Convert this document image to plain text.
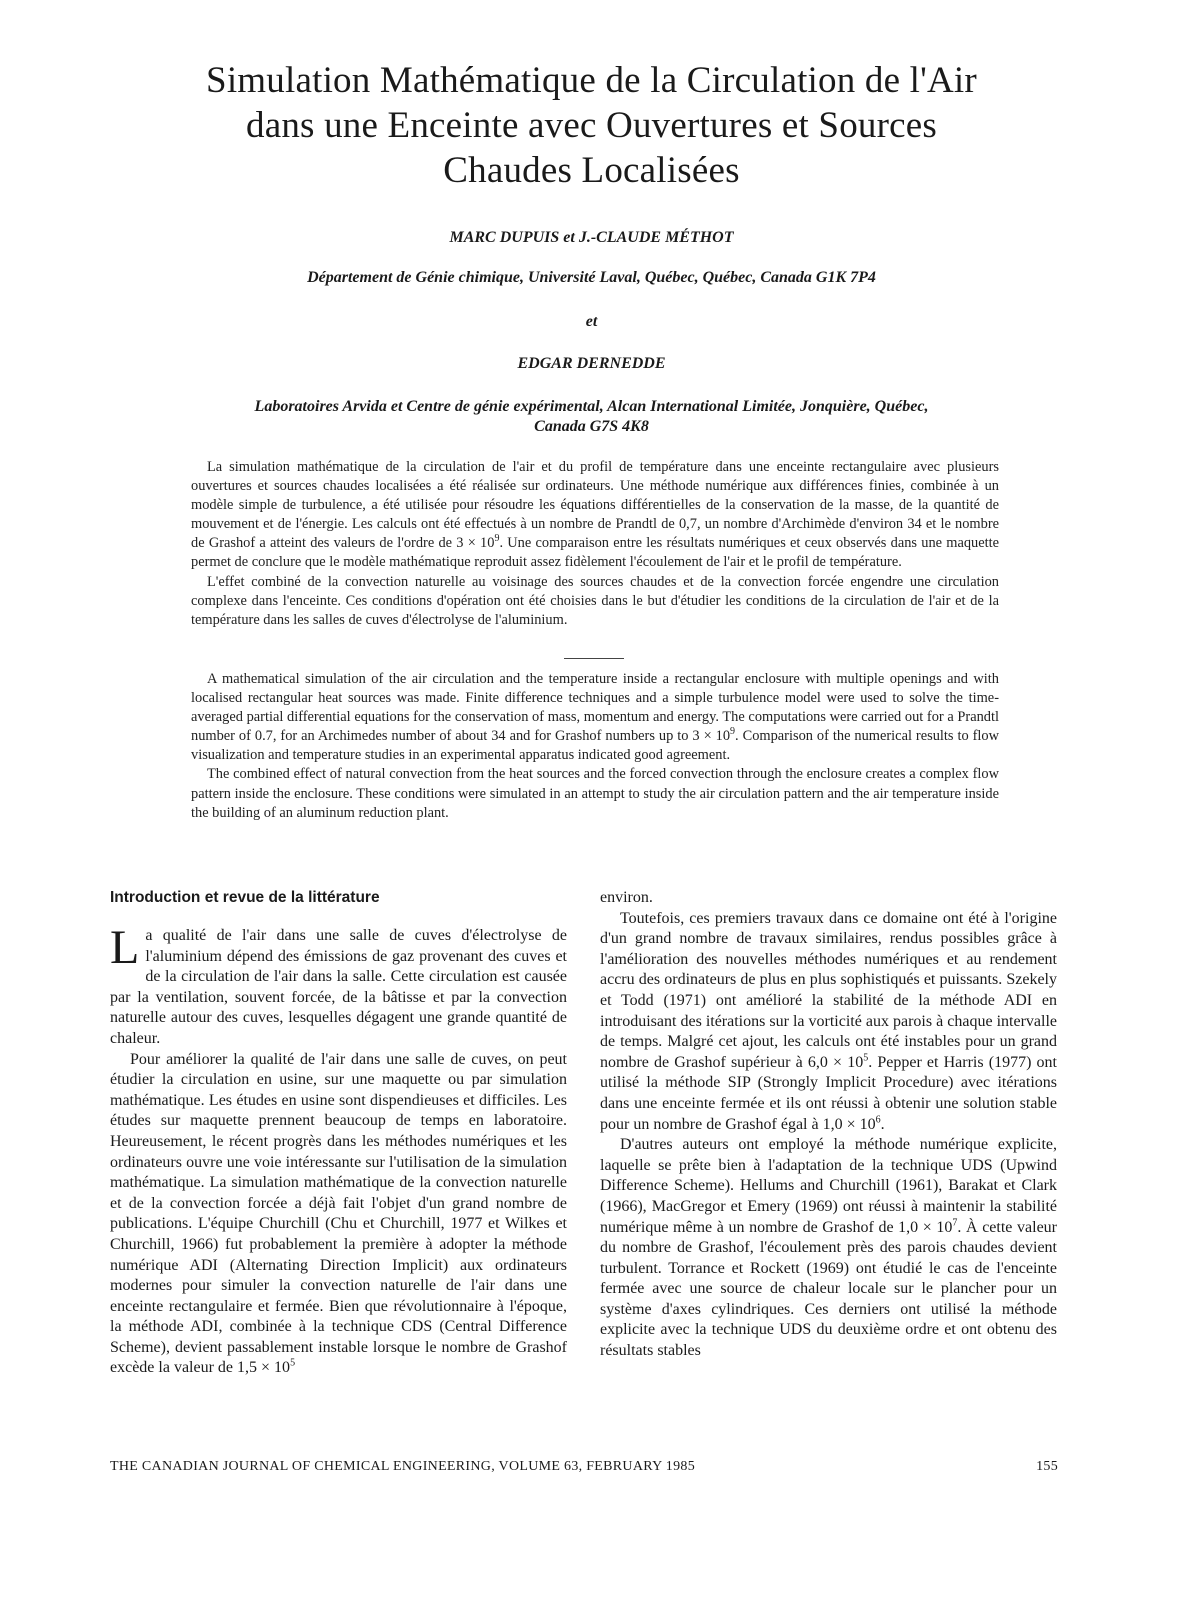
Simulation Mathématique de la Circulation de l'Air
dans une Enceinte avec Ouvertures et Sources
Chaudes Localisées
MARC DUPUIS et J.-CLAUDE MÉTHOT
Département de Génie chimique, Université Laval, Québec, Québec, Canada G1K 7P4
et
EDGAR DERNEDDE
Laboratoires Arvida et Centre de génie expérimental, Alcan International Limitée, Jonquière, Québec,
Canada G7S 4K8

La simulation mathématique de la circulation de l'air et du profil de température dans une enceinte rectangulaire avec plusieurs ouvertures et sources chaudes localisées a été réalisée sur ordinateurs. Une méthode numérique aux différences finies, combinée à un modèle simple de turbulence, a été utilisée pour résoudre les équations différentielles de la conservation de la masse, de la quantité de mouvement et de l'énergie. Les calculs ont été effectués à un nombre de Prandtl de 0,7, un nombre d'Archimède d'environ 34 et le nombre de Grashof a atteint des valeurs de l'ordre de $3 \times 10^9$. Une comparaison entre les résultats numériques et ceux observés dans une maquette permet de conclure que le modèle mathématique reproduit assez fidèlement l'écoulement de l'air et le profil de température.

L'effet combiné de la convection naturelle au voisinage des sources chaudes et de la convection forcée engendre une circulation complexe dans l'enceinte. Ces conditions d'opération ont été choisies dans le but d'étudier les conditions de la circulation de l'air et de la température dans les salles de cuves d'électrolyse de l'aluminium.

A mathematical simulation of the air circulation and the temperature inside a rectangular enclosure with multiple openings and with localised rectangular heat sources was made. Finite difference techniques and a simple turbulence model were used to solve the time-averaged partial differential equations for the conservation of mass, momentum and energy. The computations were carried out for a Prandtl number of 0.7, for an Archimedes number of about 34 and for Grashof numbers up to $3 \times 10^9$. Comparison of the numerical results to flow visualization and temperature studies in an experimental apparatus indicated good agreement.

The combined effect of natural convection from the heat sources and the forced convection through the enclosure creates a complex flow pattern inside the enclosure. These conditions were simulated in an attempt to study the air circulation pattern and the air temperature inside the building of an aluminum reduction plant.

Introduction et revue de la littérature

La qualité de l'air dans une salle de cuves d'électrolyse de l'aluminium dépend des émissions de gaz provenant des cuves et de la circulation de l'air dans la salle. Cette circulation est causée par la ventilation, souvent forcée, de la bâtisse et par la convection naturelle autour des cuves, lesquelles dégagent une grande quantité de chaleur.

Pour améliorer la qualité de l'air dans une salle de cuves, on peut étudier la circulation en usine, sur une maquette ou par simulation mathématique. Les études en usine sont dispendieuses et difficiles. Les études sur maquette prennent beaucoup de temps en laboratoire. Heureusement, le récent progrès dans les méthodes numériques et les ordinateurs ouvre une voie intéressante sur l'utilisation de la simulation mathématique. La simulation mathématique de la convection naturelle et de la convection forcée a déjà fait l'objet d'un grand nombre de publications. L'équipe Churchill (Chu et Churchill, 1977 et Wilkes et Churchill, 1966) fut probablement la première à adopter la méthode numérique ADI (Alternating Direction Implicit) aux ordinateurs modernes pour simuler la convection naturelle de l'air dans une enceinte rectangulaire et fermée. Bien que révolutionnaire à l'époque, la méthode ADI, combinée à la technique CDS (Central Difference Scheme), devient passablement instable lorsque le nombre de Grashof excède la valeur de $1,5 \times 10^5$

environ.

Toutefois, ces premiers travaux dans ce domaine ont été à l'origine d'un grand nombre de travaux similaires, rendus possibles grâce à l'amélioration des nouvelles méthodes numériques et au rendement accru des ordinateurs de plus en plus sophistiqués et puissants. Szekely et Todd (1971) ont amélioré la stabilité de la méthode ADI en introduisant des itérations sur la vorticité aux parois à chaque intervalle de temps. Malgré cet ajout, les calculs ont été instables pour un grand nombre de Grashof supérieur à $6,0 \times 10^5$. Pepper et Harris (1977) ont utilisé la méthode SIP (Strongly Implicit Procedure) avec itérations dans une enceinte fermée et ils ont réussi à obtenir une solution stable pour un nombre de Grashof égal à $1,0 \times 10^6$.

D'autres auteurs ont employé la méthode numérique explicite, laquelle se prête bien à l'adaptation de la technique UDS (Upwind Difference Scheme). Hellums and Churchill (1961), Barakat et Clark (1966), MacGregor et Emery (1969) ont réussi à maintenir la stabilité numérique même à un nombre de Grashof de $1,0 \times 10^7$. À cette valeur du nombre de Grashof, l'écoulement près des parois chaudes devient turbulent. Torrance et Rockett (1969) ont étudié le cas de l'enceinte fermée avec une source de chaleur locale sur le plancher pour un système d'axes cylindriques. Ces derniers ont utilisé la méthode explicite avec la technique UDS du deuxième ordre et ont obtenu des résultats stables

THE CANADIAN JOURNAL OF CHEMICAL ENGINEERING, VOLUME 63, FEBRUARY 1985	155
